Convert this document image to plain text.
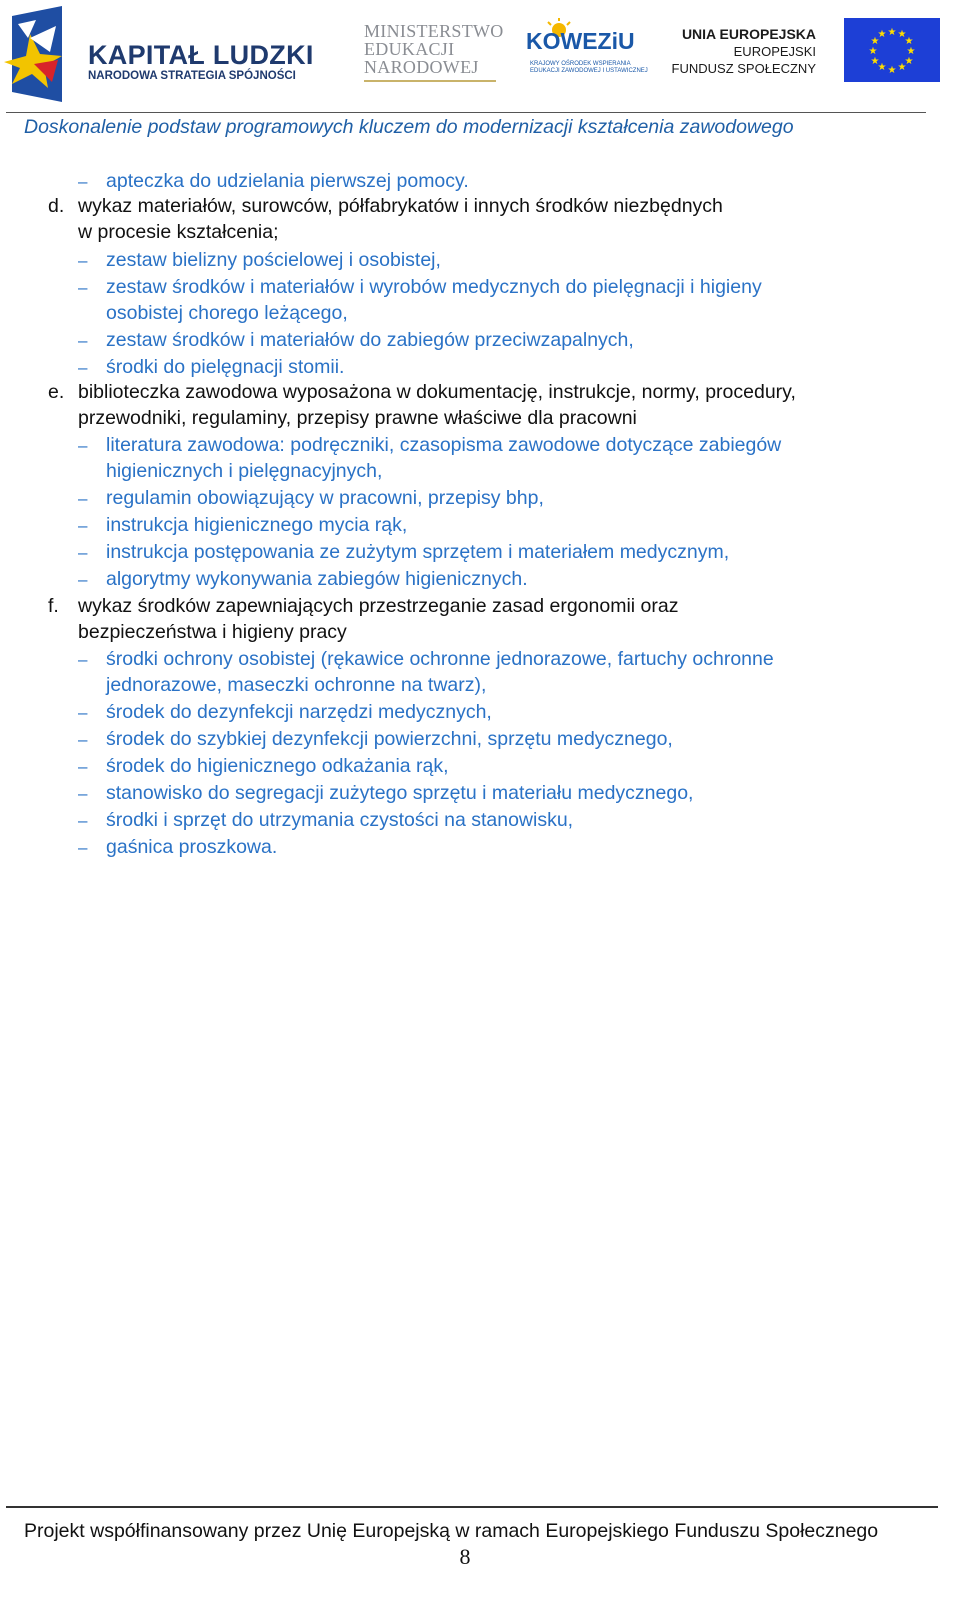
KAPITAŁ LUDZKI
NARODOWA STRATEGIA SPÓJNOŚCI
MINISTERSTWO
EDUKACJI
NARODOWEJ
KOWEZiU
KRAJOWY OŚRODEK WSPIERANIA
EDUKACJI ZAWODOWEJ I USTAWICZNEJ
UNIA EUROPEJSKA
EUROPEJSKI
FUNDUSZ SPOŁECZNY
★ ★
★
★
★
★
★
★
★
★
★
★
Doskonalenie podstaw programowych kluczem do modernizacji kształcenia zawodowego
– apteczka do udzielania pierwszej pomocy.
d. wykaz materiałów, surowców, półfabrykatów i innych środków niezbędnych
w procesie kształcenia;
– zestaw bielizny pościelowej i osobistej,
– zestaw środków i materiałów i wyrobów medycznych do pielęgnacji i higieny
osobistej chorego leżącego,
– zestaw środków i materiałów do zabiegów przeciwzapalnych,
– środki do pielęgnacji stomii.
e. biblioteczka zawodowa wyposażona w dokumentację, instrukcje, normy, procedury,
przewodniki, regulaminy, przepisy prawne właściwe dla pracowni
– literatura zawodowa: podręczniki, czasopisma zawodowe dotyczące zabiegów
higienicznych i pielęgnacyjnych,
– regulamin obowiązujący w pracowni, przepisy bhp,
– instrukcja higienicznego mycia rąk,
– instrukcja postępowania ze zużytym sprzętem i materiałem medycznym,
– algorytmy wykonywania zabiegów higienicznych.
f. wykaz środków zapewniających przestrzeganie zasad ergonomii oraz
bezpieczeństwa i higieny pracy
– środki ochrony osobistej (rękawice ochronne jednorazowe, fartuchy ochronne
jednorazowe, maseczki ochronne na twarz),
– środek do dezynfekcji narzędzi medycznych,
– środek do szybkiej dezynfekcji powierzchni, sprzętu medycznego,
– środek do higienicznego odkażania rąk,
– stanowisko do segregacji zużytego sprzętu i materiału medycznego,
– środki i sprzęt do utrzymania czystości na stanowisku,
– gaśnica proszkowa.
Projekt współfinansowany przez Unię Europejską w ramach Europejskiego Funduszu Społecznego
8
